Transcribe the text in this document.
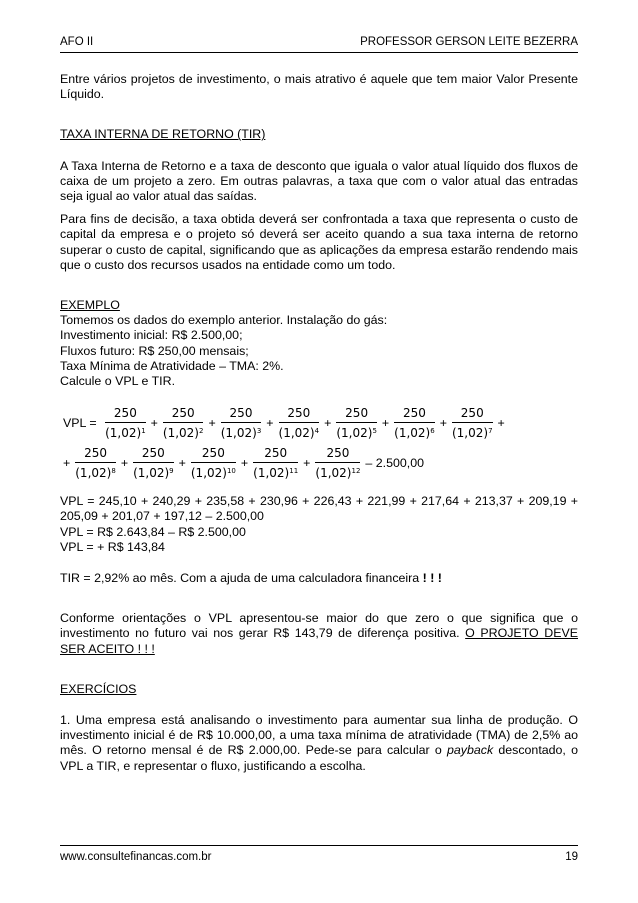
AFO II	PROFESSOR GERSON LEITE BEZERRA

Entre vários projetos de investimento, o mais atrativo é aquele que tem maior Valor Presente Líquido.

TAXA INTERNA DE RETORNO (TIR)

A Taxa Interna de Retorno e a taxa de desconto que iguala o valor atual líquido dos fluxos de caixa de um projeto a zero. Em outras palavras, a taxa que com o valor atual das entradas seja igual ao valor atual das saídas.

Para fins de decisão, a taxa obtida deverá ser confrontada a taxa que representa o custo de capital da empresa e o projeto só deverá ser aceito quando a sua taxa interna de retorno superar o custo de capital, significando que as aplicações da empresa estarão rendendo mais que o custo dos recursos usados na entidade como um todo.

EXEMPLO

Tomemos os dados do exemplo anterior. Instalação do gás:

Investimento inicial: R$ 2.500,00;

Fluxos futuro: R$ 250,00 mensais;

Taxa Mínima de Atratividade – TMA: 2%.

Calcule o VPL e TIR.

VPL = $\frac{250}{(1,02)^1} + \frac{250}{(1,02)^2} + \frac{250}{(1,02)^3} + \frac{250}{(1,02)^4} + \frac{250}{(1,02)^5} + \frac{250}{(1,02)^6} + \frac{250}{(1,02)^7}$ +
+ $\frac{250}{(1,02)^8} + \frac{250}{(1,02)^9} + \frac{250}{(1,02)^{10}} + \frac{250}{(1,02)^{11}} + \frac{250}{(1,02)^{12}} - 2.500,00$

VPL = 245,10 + 240,29 + 235,58 + 230,96 + 226,43 + 221,99 + 217,64 + 213,37 + 209,19 + 205,09 + 201,07 + 197,12 – 2.500,00

VPL = R$ 2.643,84 – R$ 2.500,00

VPL = + R$ 143,84

TIR = 2,92% ao mês. Com a ajuda de uma calculadora financeira ! ! !

Conforme orientações o VPL apresentou-se maior do que zero o que significa que o investimento no futuro vai nos gerar R$ 143,79 de diferença positiva. O PROJETO DEVE SER ACEITO ! ! !

EXERCÍCIOS

1. Uma empresa está analisando o investimento para aumentar sua linha de produção. O investimento inicial é de R$ 10.000,00, a uma taxa mínima de atratividade (TMA) de 2,5% ao mês. O retorno mensal é de R$ 2.000,00. Pede-se para calcular o payback descontado, o VPL a TIR, e representar o fluxo, justificando a escolha.

www.consultefinancas.com.br	19
